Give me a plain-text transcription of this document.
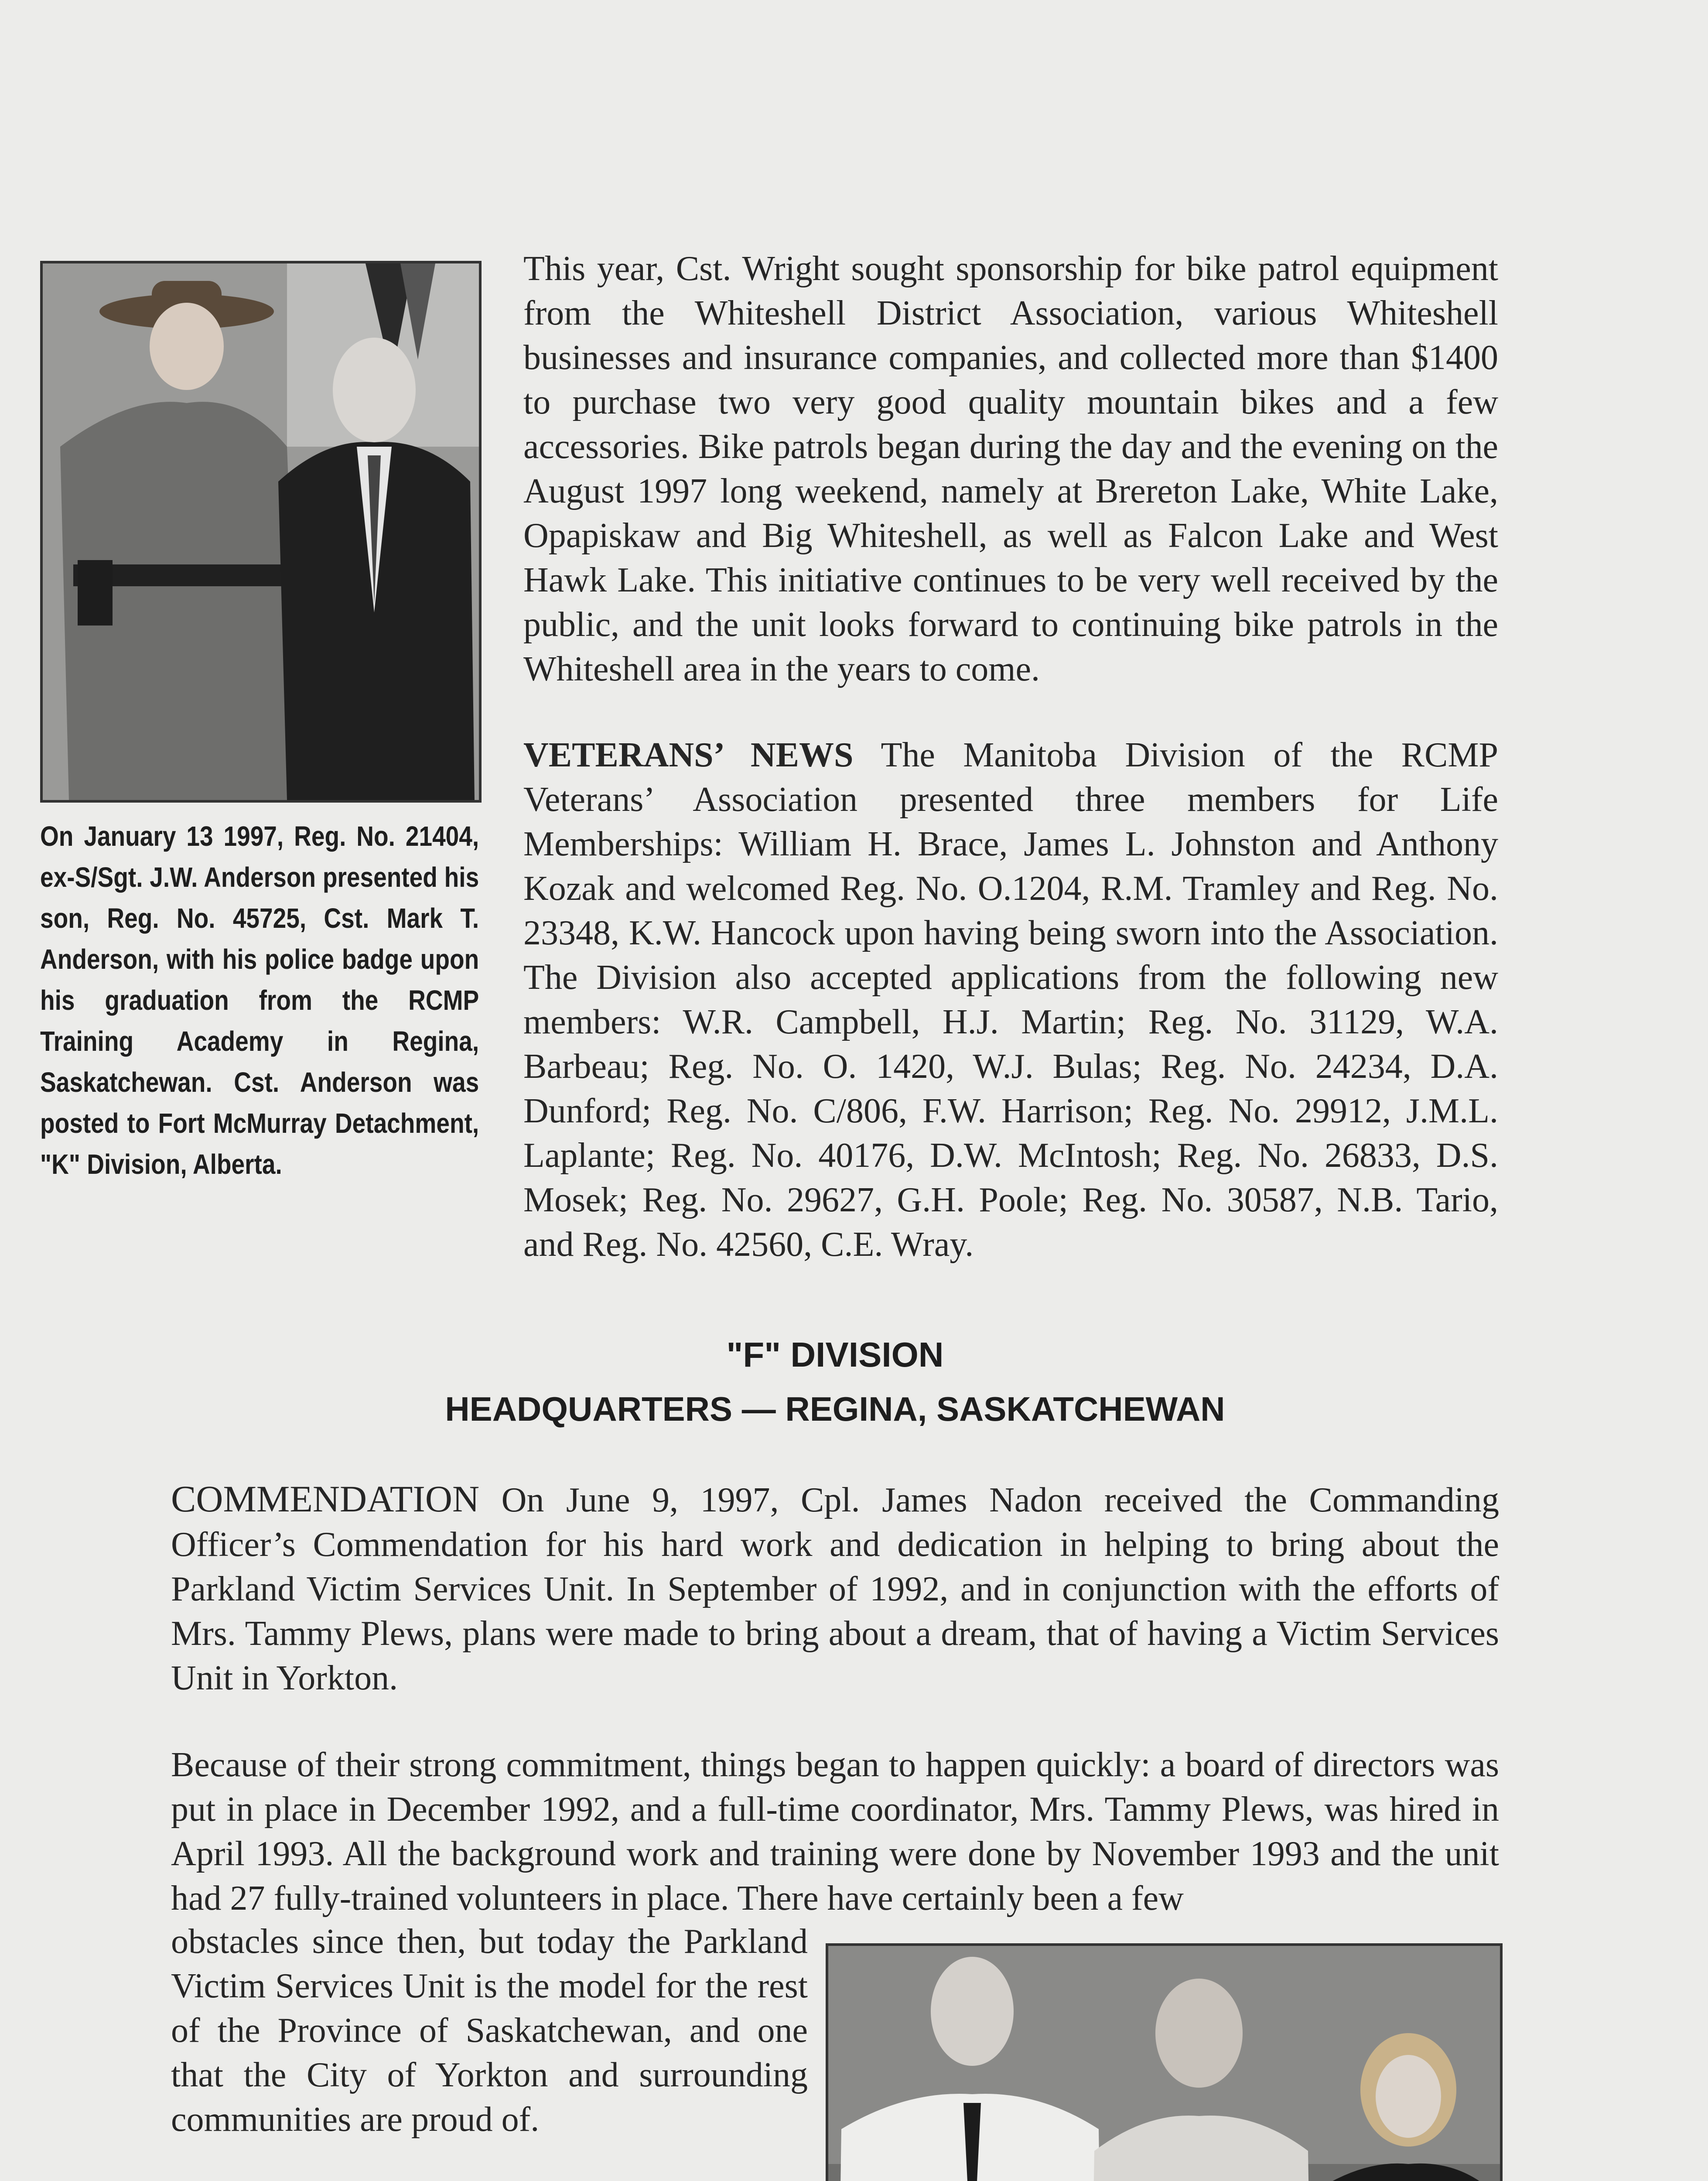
On January 13 1997, Reg. No. 21404, ex-S/Sgt. J.W. Anderson presented his son, Reg. No. 45725, Cst. Mark T. Anderson, with his police badge upon his graduation from the RCMP Training Academy in Regina, Saskatchewan. Cst. Anderson was posted to Fort McMurray Detachment, "K" Division, Alberta.

This year, Cst. Wright sought sponsorship for bike patrol equipment from the Whiteshell District Association, various Whiteshell businesses and insurance companies, and collected more than $1400 to purchase two very good quality mountain bikes and a few accessories. Bike patrols began during the day and the evening on the August 1997 long weekend, namely at Brereton Lake, White Lake, Opapiskaw and Big Whiteshell, as well as Falcon Lake and West Hawk Lake. This initiative continues to be very well received by the public, and the unit looks forward to continuing bike patrols in the Whiteshell area in the years to come.

VETERANS’ NEWS The Manitoba Division of the RCMP Veterans’ Association presented three members for Life Memberships: William H. Brace, James L. Johnston and Anthony Kozak and welcomed Reg. No. O.1204, R.M. Tramley and Reg. No. 23348, K.W. Hancock upon having being sworn into the Association. The Division also accepted applications from the following new members: W.R. Campbell, H.J. Martin; Reg. No. 31129, W.A. Barbeau; Reg. No. O. 1420, W.J. Bulas; Reg. No. 24234, D.A. Dunford; Reg. No. C/806, F.W. Harrison; Reg. No. 29912, J.M.L. Laplante; Reg. No. 40176, D.W. McIntosh; Reg. No. 26833, D.S. Mosek; Reg. No. 29627, G.H. Poole; Reg. No. 30587, N.B. Tario, and Reg. No. 42560, C.E. Wray.

"F" DIVISION
HEADQUARTERS — REGINA, SASKATCHEWAN

COMMENDATION On June 9, 1997, Cpl. James Nadon received the Commanding Officer’s Commendation for his hard work and dedication in helping to bring about the Parkland Victim Services Unit. In September of 1992, and in conjunction with the efforts of Mrs. Tammy Plews, plans were made to bring about a dream, that of having a Victim Services Unit in Yorkton.

Because of their strong commitment, things began to happen quickly: a board of directors was put in place in December 1992, and a full-time coordinator, Mrs. Tammy Plews, was hired in April 1993. All the background work and training were done by November 1993 and the unit had 27 fully-trained volunteers in place. There have certainly been a few

obstacles since then, but today the Parkland Victim Services Unit is the model for the rest of the Province of Saskatchewan, and one that the City of Yorkton and surrounding communities are proud of.
